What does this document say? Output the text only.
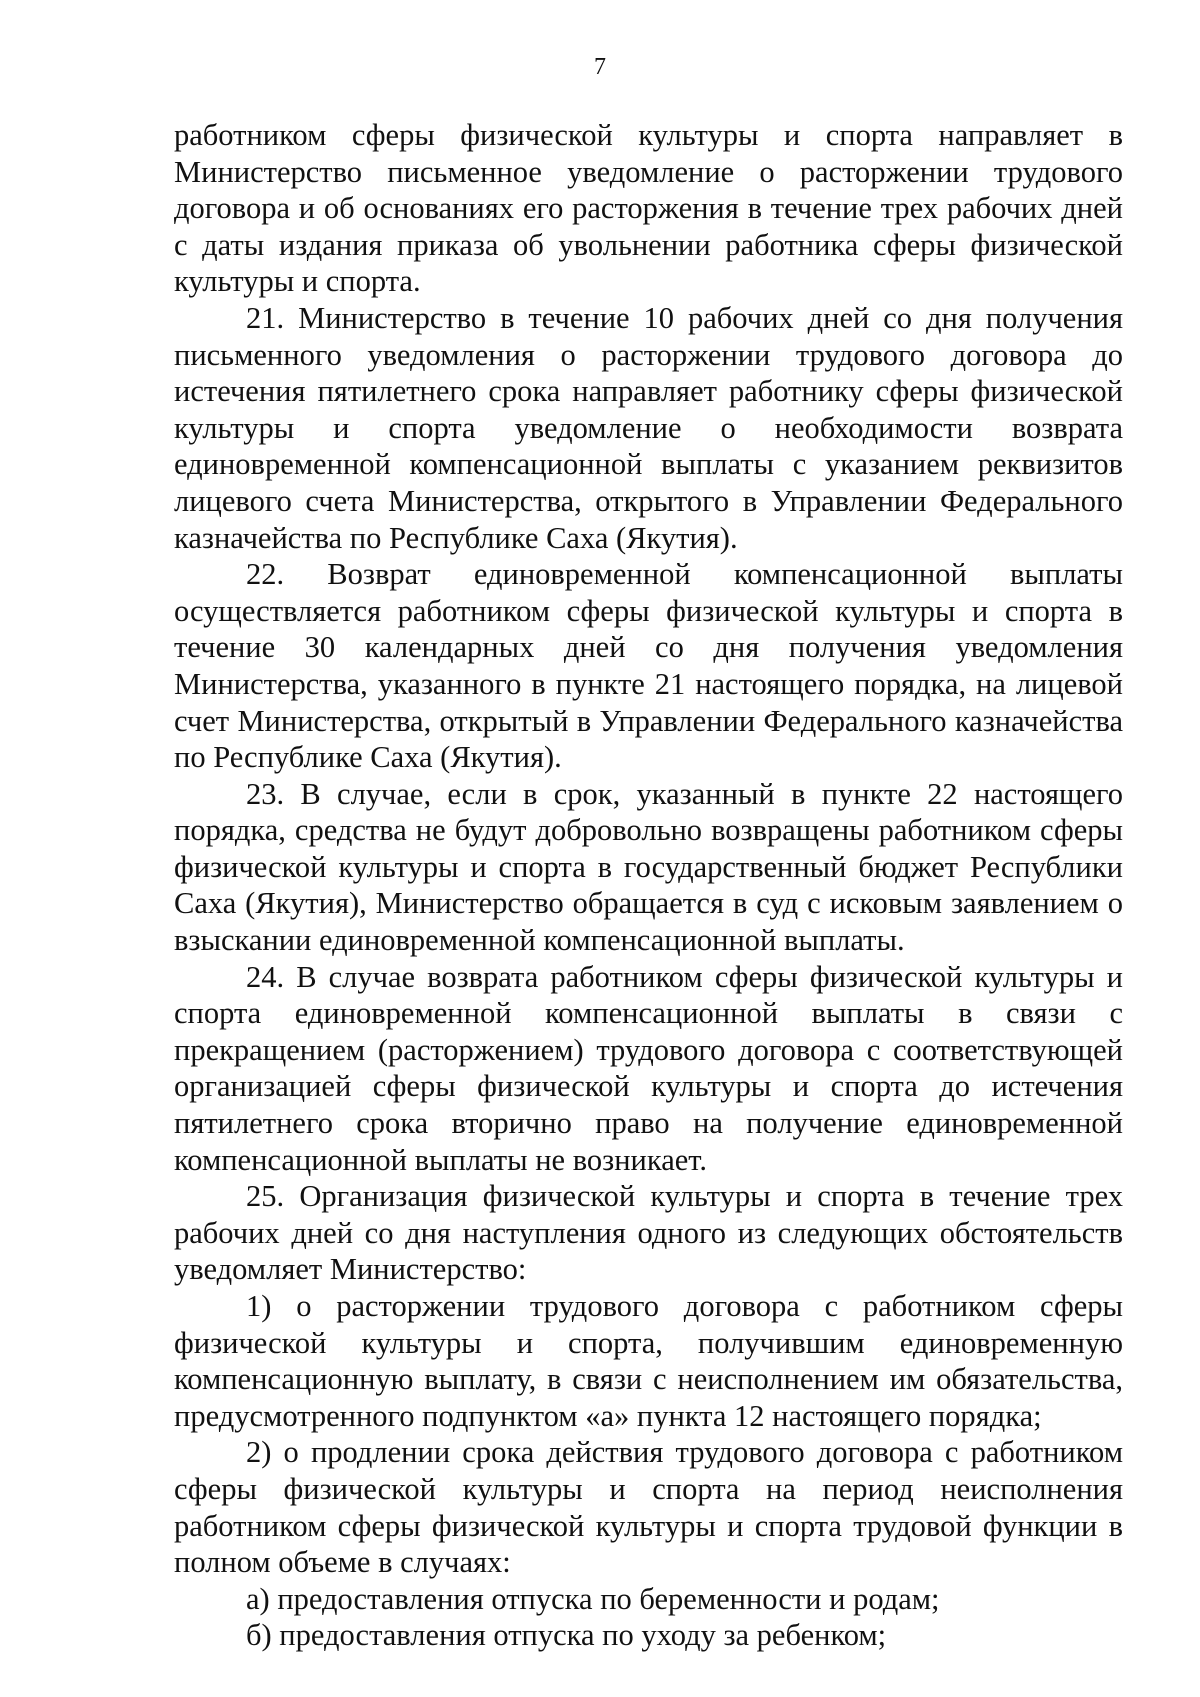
7

работником сферы физической культуры и спорта направляет в Министерство письменное уведомление о расторжении трудового договора и об основаниях его расторжения в течение трех рабочих дней с даты издания приказа об увольнении работника сферы физической культуры и спорта.

21. Министерство в течение 10 рабочих дней со дня получения письменного уведомления о расторжении трудового договора до истечения пятилетнего срока направляет работнику сферы физической культуры и спорта уведомление о необходимости возврата единовременной компенсационной выплаты с указанием реквизитов лицевого счета Министерства, открытого в Управлении Федерального казначейства по Республике Саха (Якутия).

22. Возврат единовременной компенсационной выплаты осуществляется работником сферы физической культуры и спорта в течение 30 календарных дней со дня получения уведомления Министерства, указанного в пункте 21 настоящего порядка, на лицевой счет Министерства, открытый в Управлении Федерального казначейства по Республике Саха (Якутия).

23. В случае, если в срок, указанный в пункте 22 настоящего порядка, средства не будут добровольно возвращены работником сферы физической культуры и спорта в государственный бюджет Республики Саха (Якутия), Министерство обращается в суд с исковым заявлением о взыскании единовременной компенсационной выплаты.

24. В случае возврата работником сферы физической культуры и спорта единовременной компенсационной выплаты в связи с прекращением (расторжением) трудового договора с соответствующей организацией сферы физической культуры и спорта до истечения пятилетнего срока вторично право на получение единовременной компенсационной выплаты не возникает.

25. Организация физической культуры и спорта в течение трех рабочих дней со дня наступления одного из следующих обстоятельств уведомляет Министерство:

1) о расторжении трудового договора с работником сферы физической культуры и спорта, получившим единовременную компенсационную выплату, в связи с неисполнением им обязательства, предусмотренного подпунктом «а» пункта 12 настоящего порядка;

2) о продлении срока действия трудового договора с работником сферы физической культуры и спорта на период неисполнения работником сферы физической культуры и спорта трудовой функции в полном объеме в случаях:

а) предоставления отпуска по беременности и родам;

б) предоставления отпуска по уходу за ребенком;
